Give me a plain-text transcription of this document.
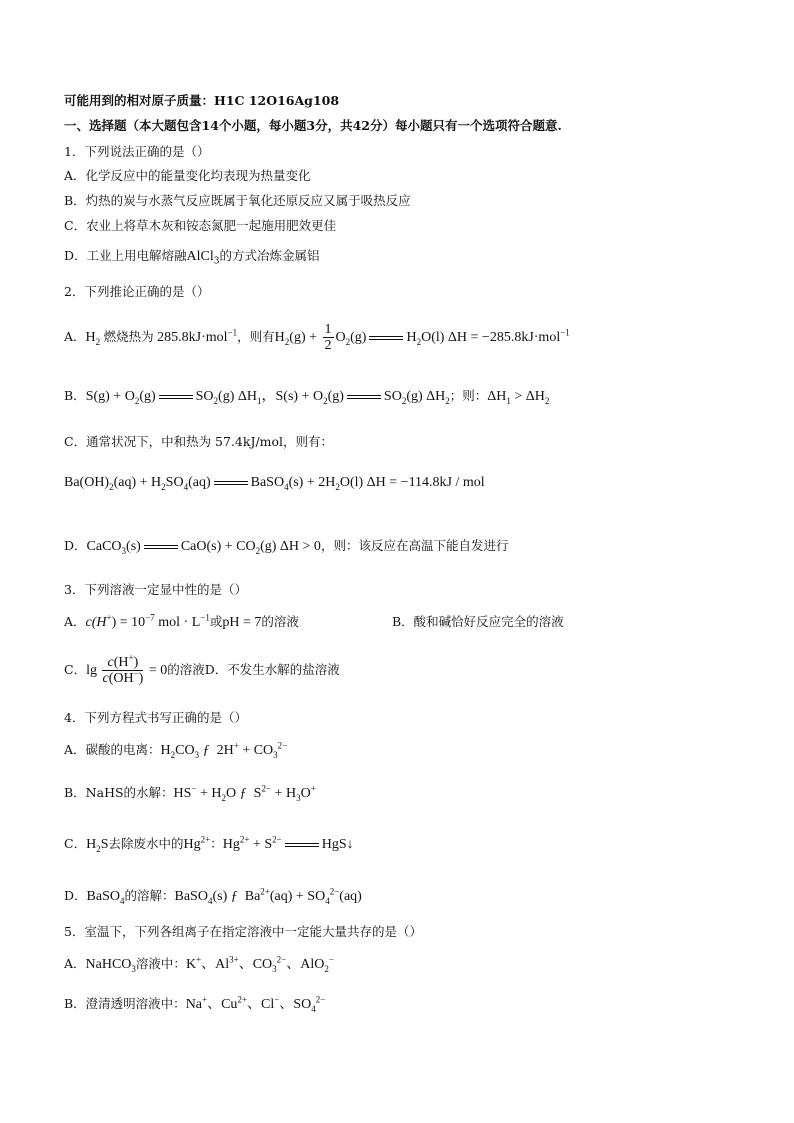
可能用到的相对原子质量：H1C 12O16Ag108
一、选择题（本大题包含14个小题，每小题3分，共42分）每小题只有一个选项符合题意.
1．下列说法正确的是（）
A．化学反应中的能量变化均表现为热量变化
B．灼热的炭与水蒸气反应既属于氧化还原反应又属于吸热反应
C．农业上将草木灰和铵态氮肥一起施用肥效更佳
D．工业上用电解熔融AlCl$_3$的方式冶炼金属铝
2．下列推论正确的是（）
A．$H_2$ 燃烧热为 285.8kJ·mol$^{-1}$，则有$H_2(g) + \frac{1}{2} O_2(g)$	$H_2O(l) \Delta H = -285.8kJ\cdot mol^{-1}$
B．$S(g) + O_2(g)$	$SO_2(g)$ $\Delta H_1$，$S(s) + O_2(g)$	$SO_2(g)$ $\Delta H_2$；则：$\Delta H_1 > \Delta H_2$
C．通常状况下，中和热为 57.4kJ/mol，则有：
$Ba(OH)_2(aq) + H_2SO_4(aq)$	BaSO$_4$(s) + $2H_2O(l) \Delta H = -114.8kJ$ / mol
D．CaCO$_3$(s)	$CaO(s) + CO_2(g) \Delta H > 0$，则：该反应在高温下能自发进行
3．下列溶液一定显中性的是（）
A．$c(H^+) = 10^{-7}$ mol · $L^{-1}$或pH = 7的溶液	B．酸和碱恰好反应完全的溶液
C．$\lg \frac{c(H^+)}{c(OH^-)} = 0$的溶液D．不发生水解的盐溶液
4．下列方程式书写正确的是（）
A．碳酸的电离：$H_2CO_3$ ƒ  $2H^+ + CO_3^{2-}$
B．NaHS的水解：$HS^- + H_2O$ ƒ  $S^{2-} + H_3O^+$
C．$H_2S$去除废水中的$Hg^{2+}$：$Hg^{2+} + S^{2-}$	HgS↓
D．BaSO$_4$的溶解：BaSO$_4$(s) ƒ  $Ba^{2+}(aq) + SO_4^{2-}(aq)$
5．室温下，下列各组离子在指定溶液中一定能大量共存的是（）
A．NaHCO$_3$溶液中：K+、$Al^{3+}$、$CO_3^{2-}$、AlO$_2$−
B．澄清透明溶液中：Na+、$Cu^{2+}$、Cl−、$SO_4^{2-}$
